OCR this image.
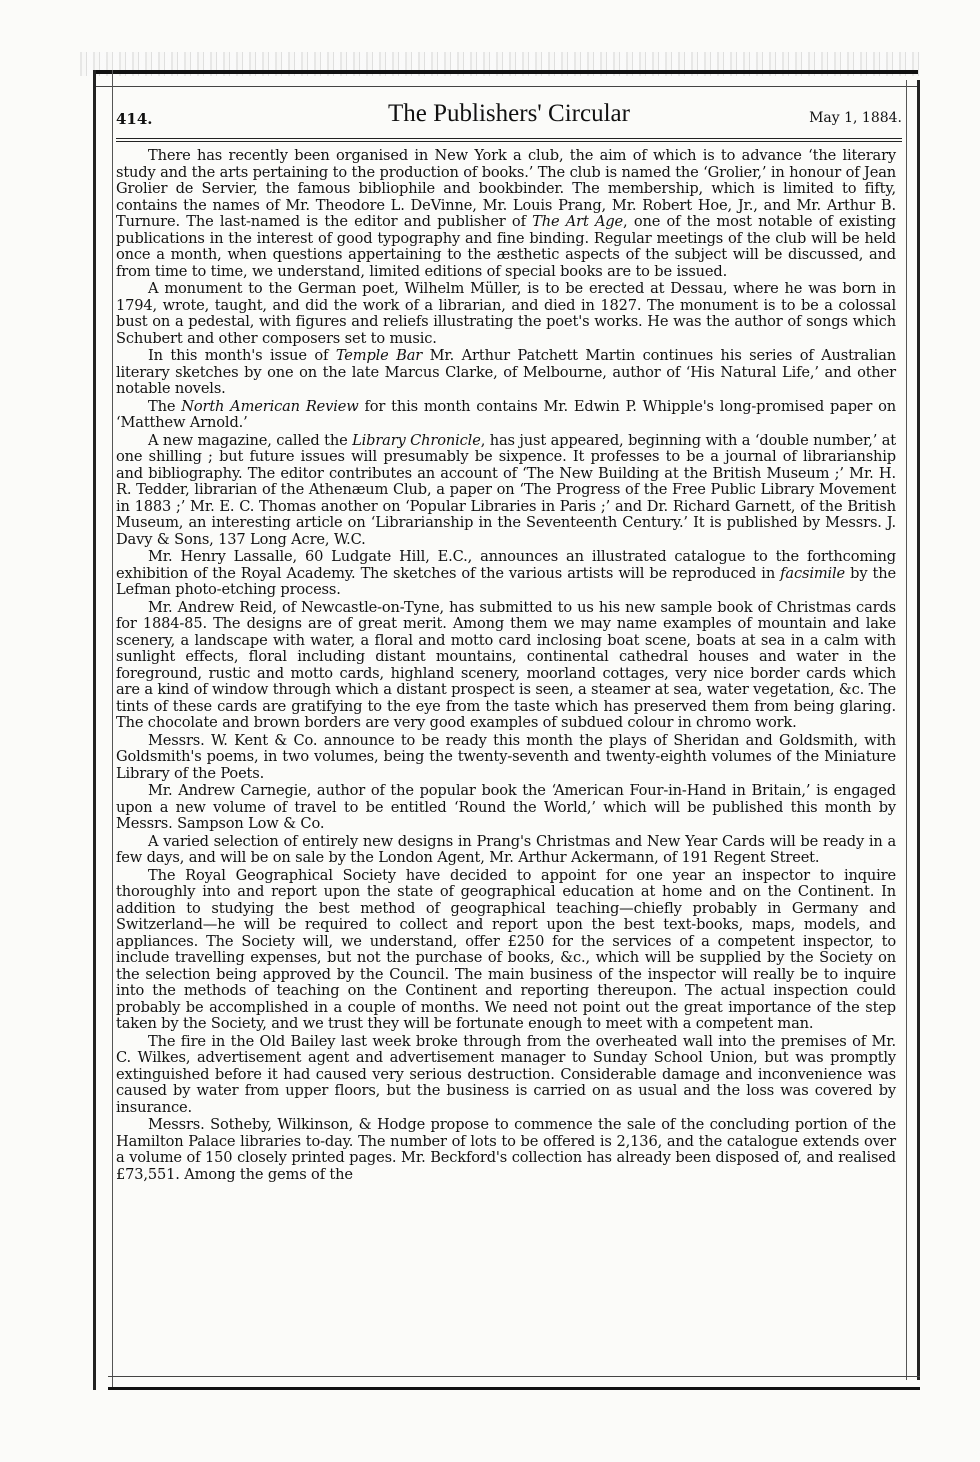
414.	The Publishers' Circular	May 1, 1884.

There has recently been organised in New York a club, the aim of which is to advance ‘the literary study and the arts pertaining to the production of books.’ The club is named the ‘Grolier,’ in honour of Jean Grolier de Servier, the famous bibliophile and bookbinder. The membership, which is limited to fifty, contains the names of Mr. Theodore L. DeVinne, Mr. Louis Prang, Mr. Robert Hoe, Jr., and Mr. Arthur B. Turnure. The last-named is the editor and publisher of The Art Age, one of the most notable of existing publications in the interest of good typography and fine binding. Regular meetings of the club will be held once a month, when questions appertaining to the æsthetic aspects of the subject will be discussed, and from time to time, we understand, limited editions of special books are to be issued.

A monument to the German poet, Wilhelm Müller, is to be erected at Dessau, where he was born in 1794, wrote, taught, and did the work of a librarian, and died in 1827. The monument is to be a colossal bust on a pedestal, with figures and reliefs illustrating the poet's works. He was the author of songs which Schubert and other composers set to music.

In this month's issue of Temple Bar Mr. Arthur Patchett Martin continues his series of Australian literary sketches by one on the late Marcus Clarke, of Melbourne, author of ‘His Natural Life,’ and other notable novels.

The North American Review for this month contains Mr. Edwin P. Whipple's long-promised paper on ‘Matthew Arnold.’

A new magazine, called the Library Chronicle, has just appeared, beginning with a ‘double number,’ at one shilling ; but future issues will presumably be sixpence. It professes to be a journal of librarianship and bibliography. The editor contributes an account of ‘The New Building at the British Museum ;’ Mr. H. R. Tedder, librarian of the Athenæum Club, a paper on ‘The Progress of the Free Public Library Movement in 1883 ;’ Mr. E. C. Thomas another on ‘Popular Libraries in Paris ;’ and Dr. Richard Garnett, of the British Museum, an interesting article on ‘Librarianship in the Seventeenth Century.’ It is published by Messrs. J. Davy & Sons, 137 Long Acre, W.C.

Mr. Henry Lassalle, 60 Ludgate Hill, E.C., announces an illustrated catalogue to the forthcoming exhibition of the Royal Academy. The sketches of the various artists will be reproduced in facsimile by the Lefman photo-etching process.

Mr. Andrew Reid, of Newcastle-on-Tyne, has submitted to us his new sample book of Christmas cards for 1884-85. The designs are of great merit. Among them we may name examples of mountain and lake scenery, a landscape with water, a floral and motto card inclosing boat scene, boats at sea in a calm with sunlight effects, floral including distant mountains, continental cathedral houses and water in the foreground, rustic and motto cards, highland scenery, moorland cottages, very nice border cards which are a kind of window through which a distant prospect is seen, a steamer at sea, water vegetation, &c. The tints of these cards are gratifying to the eye from the taste which has preserved them from being glaring. The chocolate and brown borders are very good examples of subdued colour in chromo work.

Messrs. W. Kent & Co. announce to be ready this month the plays of Sheridan and Goldsmith, with Goldsmith's poems, in two volumes, being the twenty-seventh and twenty-eighth volumes of the Miniature Library of the Poets.

Mr. Andrew Carnegie, author of the popular book the ‘American Four-in-Hand in Britain,’ is engaged upon a new volume of travel to be entitled ‘Round the World,’ which will be published this month by Messrs. Sampson Low & Co.

A varied selection of entirely new designs in Prang's Christmas and New Year Cards will be ready in a few days, and will be on sale by the London Agent, Mr. Arthur Ackermann, of 191 Regent Street.

The Royal Geographical Society have decided to appoint for one year an inspector to inquire thoroughly into and report upon the state of geographical education at home and on the Continent. In addition to studying the best method of geographical teaching—chiefly probably in Germany and Switzerland—he will be required to collect and report upon the best text-books, maps, models, and appliances. The Society will, we understand, offer £250 for the services of a competent inspector, to include travelling expenses, but not the purchase of books, &c., which will be supplied by the Society on the selection being approved by the Council. The main business of the inspector will really be to inquire into the methods of teaching on the Continent and reporting thereupon. The actual inspection could probably be accomplished in a couple of months. We need not point out the great importance of the step taken by the Society, and we trust they will be fortunate enough to meet with a competent man.

The fire in the Old Bailey last week broke through from the overheated wall into the premises of Mr. C. Wilkes, advertisement agent and advertisement manager to Sunday School Union, but was promptly extinguished before it had caused very serious destruction. Considerable damage and inconvenience was caused by water from upper floors, but the business is carried on as usual and the loss was covered by insurance.

Messrs. Sotheby, Wilkinson, & Hodge propose to commence the sale of the concluding portion of the Hamilton Palace libraries to-day. The number of lots to be offered is 2,136, and the catalogue extends over a volume of 150 closely printed pages. Mr. Beckford's collection has already been disposed of, and realised £73,551. Among the gems of the
